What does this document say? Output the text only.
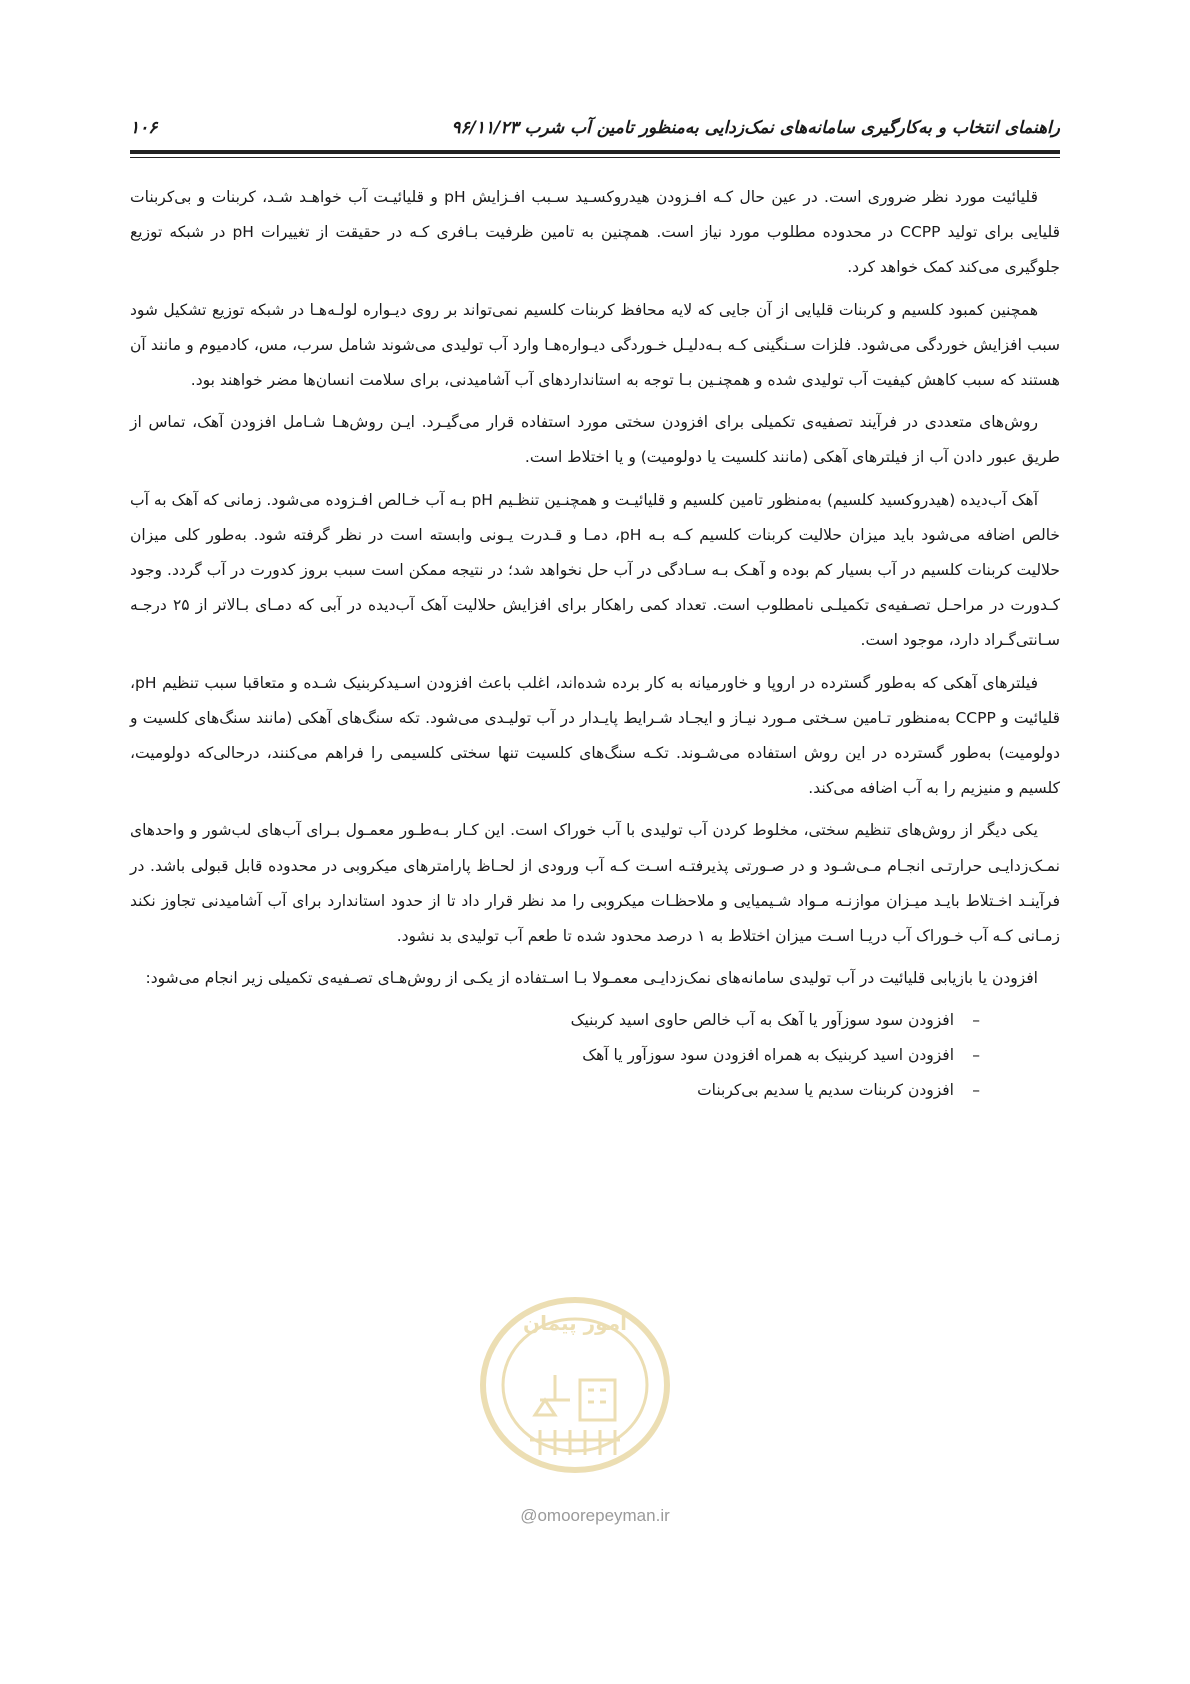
۱۰۶	راهنمای انتخاب و به‌کارگیری سامانه‌های نمک‌زدایی به‌منظور تامین آب شرب ۹۶/۱۱/۲۳

قلیائیت مورد نظر ضروری است. در عین حال کـه افـزودن هیدروکسـید سـبب افـزایش pH و قلیائیـت آب خواهـد شـد، کربنات و بی‌کربنات قلیایی برای تولید CCPP در محدوده مطلوب مورد نیاز است. همچنین به تامین ظرفیت بـافری کـه در حقیقت از تغییرات pH در شبکه توزیع جلوگیری می‌کند کمک خواهد کرد.

همچنین کمبود کلسیم و کربنات قلیایی از آن جایی که لایه محافظ کربنات کلسیم نمی‌تواند بر روی دیـواره لولـه‌هـا در شبکه توزیع تشکیل شود سبب افزایش خوردگی می‌شود. فلزات سـنگینی کـه بـه‌دلیـل خـوردگی دیـواره‌هـا وارد آب تولیدی می‌شوند شامل سرب، مس، کادمیوم و مانند آن هستند که سبب کاهش کیفیت آب تولیدی شده و همچنـین بـا توجه به استانداردهای آب آشامیدنی، برای سلامت انسان‌ها مضر خواهند بود.

روش‌های متعددی در فرآیند تصفیه‌ی تکمیلی برای افزودن سختی مورد استفاده قرار می‌گیـرد. ایـن روش‌هـا شـامل افزودن آهک، تماس از طریق عبور دادن آب از فیلترهای آهکی (مانند کلسیت یا دولومیت) و یا اختلاط است.

آهک آب‌دیده (هیدروکسید کلسیم) به‌منظور تامین کلسیم و قلیائیـت و همچنـین تنظـیم pH بـه آب خـالص افـزوده می‌شود. زمانی که آهک به آب خالص اضافه می‌شود باید میزان حلالیت کربنات کلسیم کـه بـه pH، دمـا و قـدرت یـونی وابسته است در نظر گرفته شود. به‌طور کلی میزان حلالیت کربنات کلسیم در آب بسیار کم بوده و آهـک بـه سـادگی در آب حل نخواهد شد؛ در نتیجه ممکن است سبب بروز کدورت در آب گردد. وجود کـدورت در مراحـل تصـفیه‌ی تکمیلـی نامطلوب است. تعداد کمی راهکار برای افزایش حلالیت آهک آب‌دیده در آبی که دمـای بـالاتر از ۲۵ درجـه سـانتی‌گـراد دارد، موجود است.

فیلترهای آهکی که به‌طور گسترده در اروپا و خاورمیانه به کار برده شده‌اند، اغلب باعث افزودن اسـیدکربنیک شـده و متعاقبا سبب تنظیم pH، قلیائیت و CCPP به‌منظور تـامین سـختی مـورد نیـاز و ایجـاد شـرایط پایـدار در آب تولیـدی می‌شود. تکه سنگ‌های آهکی (مانند سنگ‌های کلسیت و دولومیت) به‌طور گسترده در این روش استفاده می‌شـوند. تکـه سنگ‌های کلسیت تنها سختی کلسیمی را فراهم می‌کنند، درحالی‌که دولومیت، کلسیم و منیزیم را به آب اضافه می‌کند.

یکی دیگر از روش‌های تنظیم سختی، مخلوط کردن آب تولیدی با آب خوراک است. این کـار بـه‌طـور معمـول بـرای آب‌های لب‌شور و واحدهای نمـک‌زدایـی حرارتـی انجـام مـی‌شـود و در صـورتی پذیرفتـه اسـت کـه آب ورودی از لحـاظ پارامترهای میکروبی در محدوده قابل قبولی باشد. در فرآینـد اخـتلاط بایـد میـزان موازنـه مـواد شـیمیایی و ملاحظـات میکروبی را مد نظر قرار داد تا از حدود استاندارد برای آب آشامیدنی تجاوز نکند زمـانی کـه آب خـوراک آب دریـا اسـت میزان اختلاط به ۱ درصد محدود شده تا طعم آب تولیدی بد نشود.

افزودن یا بازیابی قلیائیت در آب تولیدی سامانه‌های نمک‌زدایـی معمـولا بـا اسـتفاده از یکـی از روش‌هـای تصـفیه‌ی تکمیلی زیر انجام می‌شود:

–افزودن سود سوزآور یا آهک به آب خالص حاوی اسید کربنیک
–افزودن اسید کربنیک به همراه افزودن سود سوزآور یا آهک
–افزودن کربنات سدیم یا سدیم بی‌کربنات
امور پیمان
@omoorepeyman.ir
